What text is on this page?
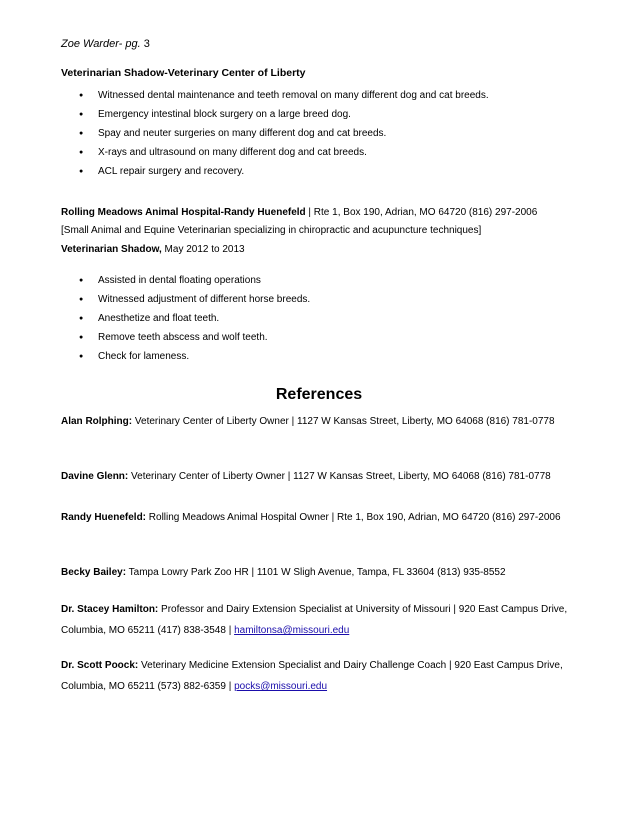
Zoe Warder- pg. 3
Veterinarian Shadow-Veterinary Center of Liberty
● Witnessed dental maintenance and teeth removal on many different dog and cat breeds.
● Emergency intestinal block surgery on a large breed dog.
● Spay and neuter surgeries on many different dog and cat breeds.
● X-rays and ultrasound on many different dog and cat breeds.
● ACL repair surgery and recovery.
Rolling Meadows Animal Hospital-Randy Huenefeld | Rte 1, Box 190, Adrian, MO 64720 (816) 297-2006
[Small Animal and Equine Veterinarian specializing in chiropractic and acupuncture techniques]
Veterinarian Shadow, May 2012 to 2013
● Assisted in dental floating operations
● Witnessed adjustment of different horse breeds.
● Anesthetize and float teeth.
● Remove teeth abscess and wolf teeth.
● Check for lameness.
References
Alan Rolphing: Veterinary Center of Liberty Owner | 1127 W Kansas Street, Liberty, MO 64068 (816) 781-0778
Davine Glenn: Veterinary Center of Liberty Owner | 1127 W Kansas Street, Liberty, MO 64068 (816) 781-0778
Randy Huenefeld: Rolling Meadows Animal Hospital Owner | Rte 1, Box 190, Adrian, MO 64720 (816) 297-2006
Becky Bailey: Tampa Lowry Park Zoo HR | 1101 W Sligh Avenue, Tampa, FL 33604 (813) 935-8552
Dr. Stacey Hamilton: Professor and Dairy Extension Specialist at University of Missouri | 920 East Campus Drive, Columbia, MO 65211 (417) 838-3548 | hamiltonsa@missouri.edu
Dr. Scott Poock: Veterinary Medicine Extension Specialist and Dairy Challenge Coach | 920 East Campus Drive, Columbia, MO 65211 (573) 882-6359 | pocks@missouri.edu
